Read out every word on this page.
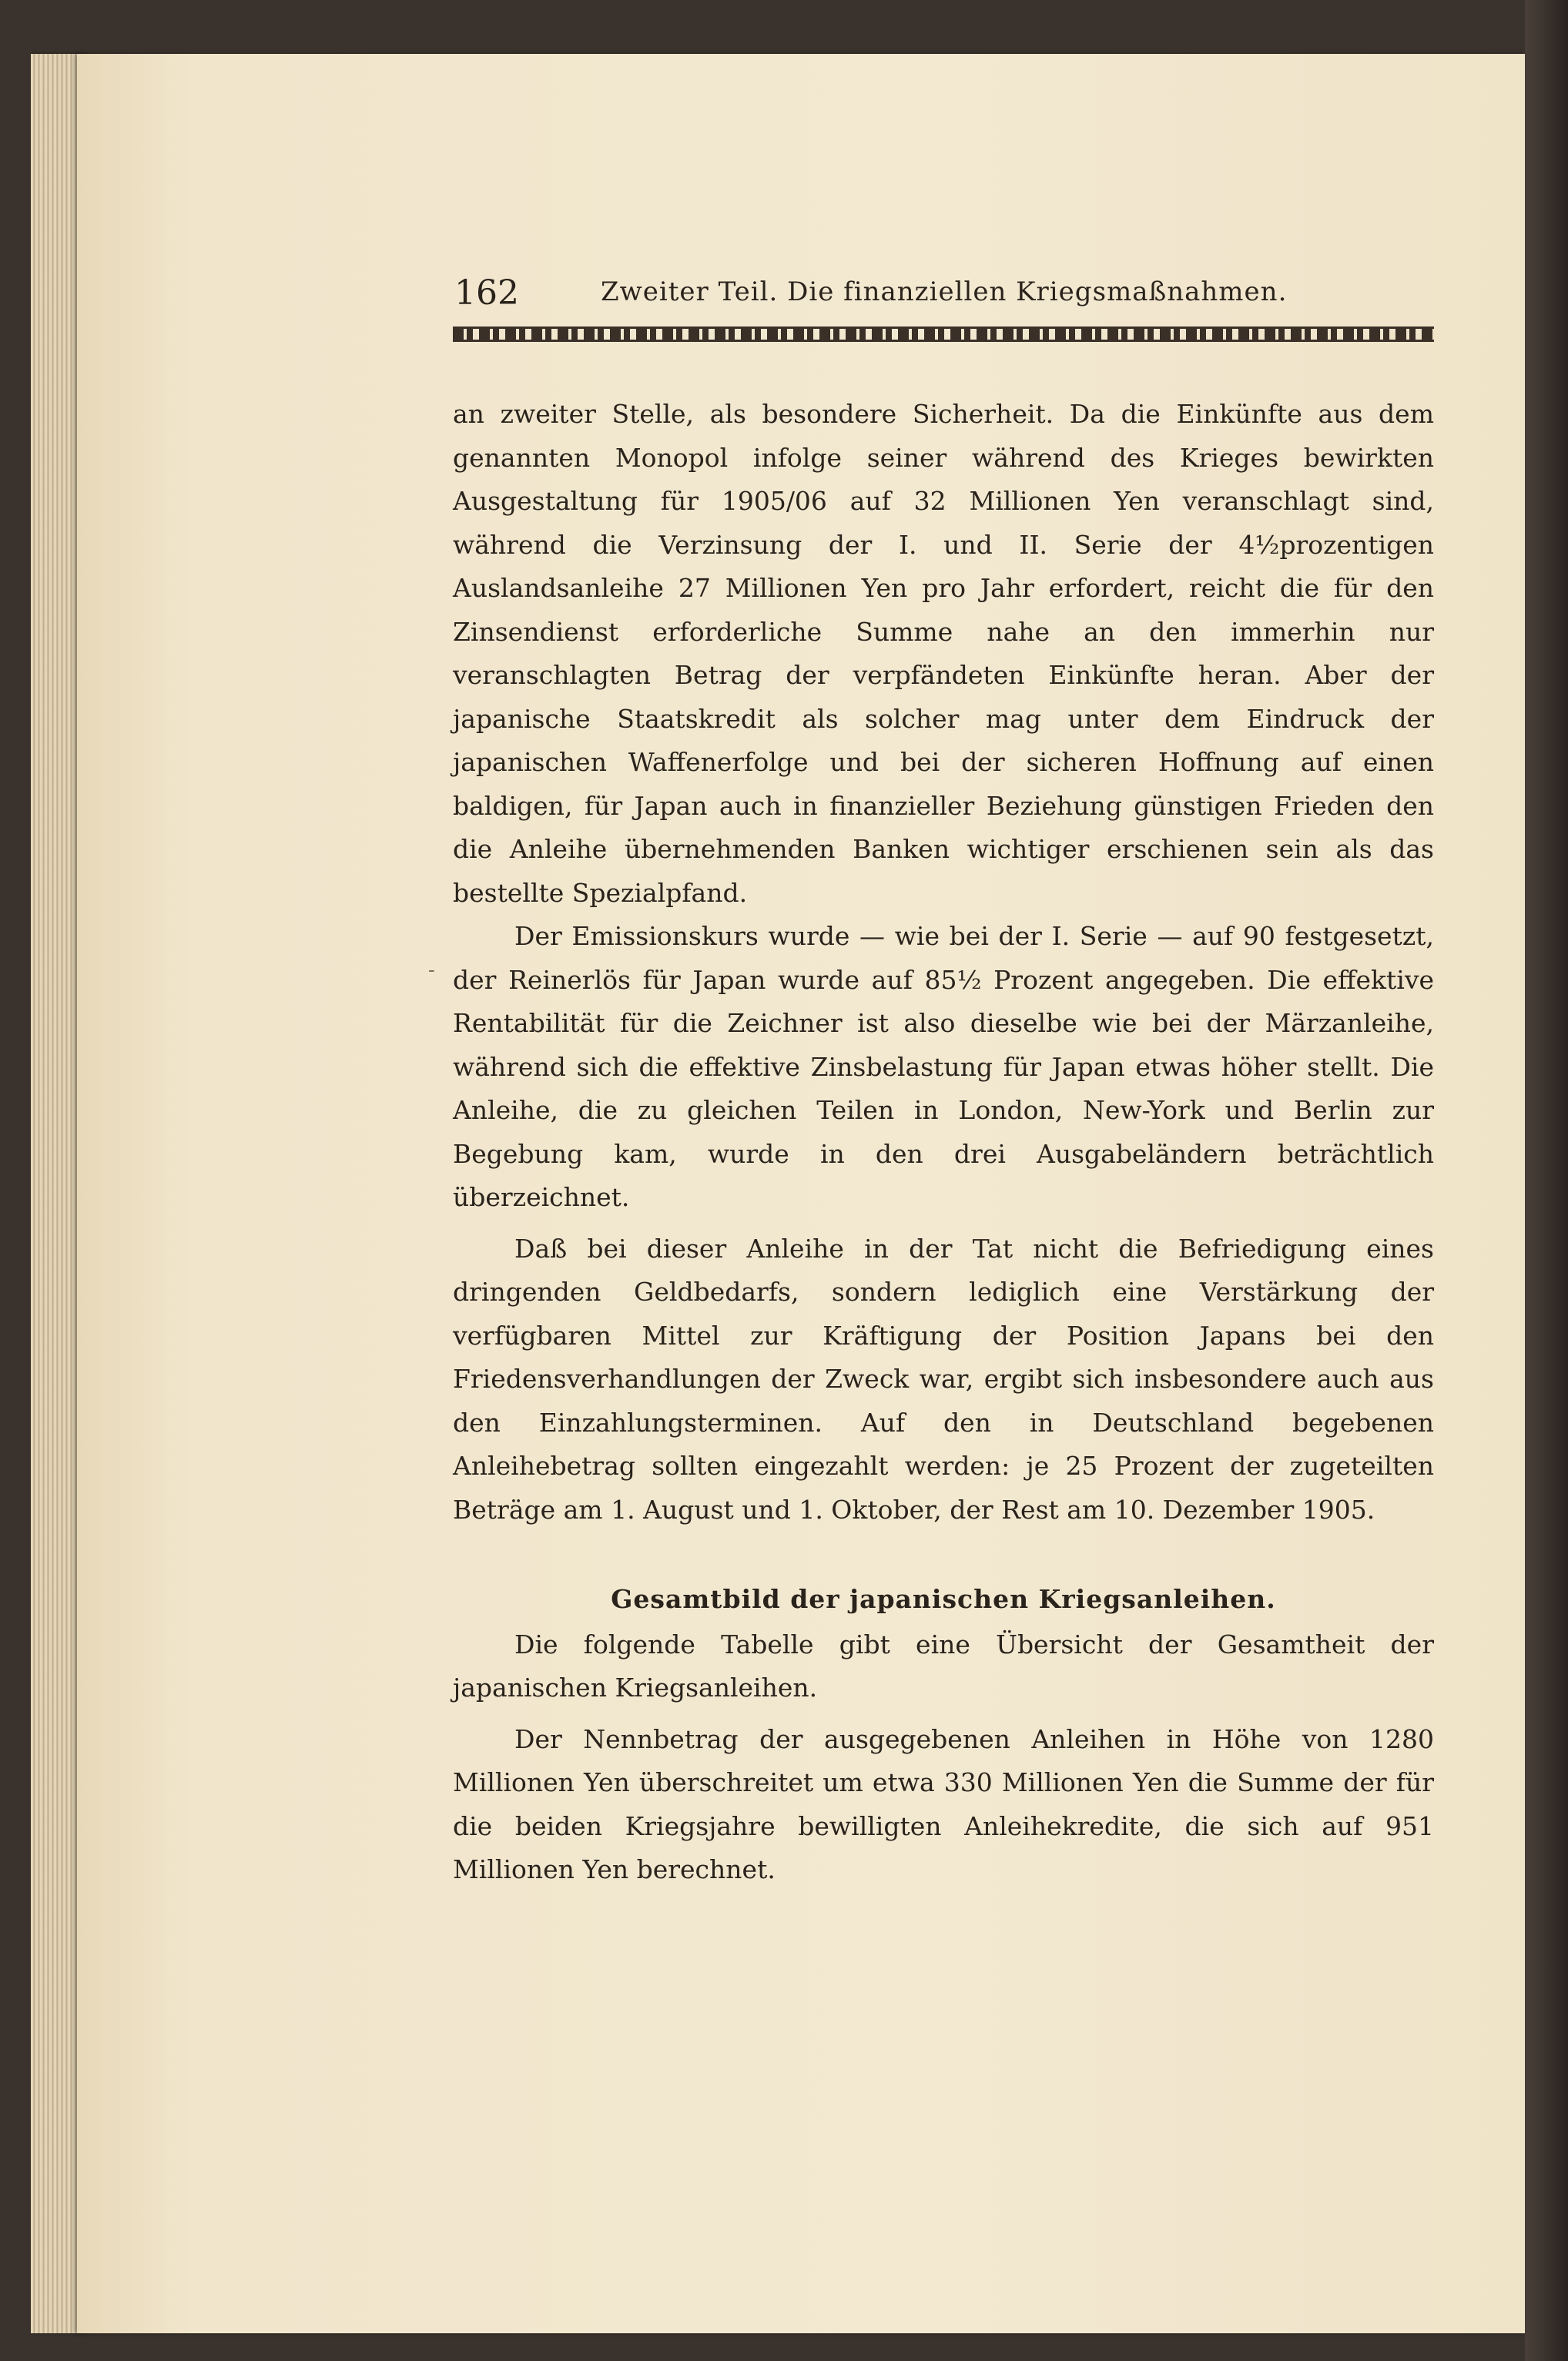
162	Zweiter Teil. Die finanziellen Kriegsmaßnahmen.
-

an zweiter Stelle, als besondere Sicherheit. Da die Einkünfte aus dem genannten Monopol infolge seiner während des Krieges bewirkten Ausgestaltung für 1905/06 auf 32 Millionen Yen veranschlagt sind, während die Verzinsung der I. und II. Serie der 4½prozentigen Auslandsanleihe 27 Millionen Yen pro Jahr erfordert, reicht die für den Zinsendienst erforderliche Summe nahe an den immerhin nur veranschlagten Betrag der verpfändeten Einkünfte heran. Aber der japanische Staatskredit als solcher mag unter dem Eindruck der japanischen Waffenerfolge und bei der sicheren Hoffnung auf einen baldigen, für Japan auch in finanzieller Beziehung günstigen Frieden den die Anleihe übernehmenden Banken wichtiger erschienen sein als das bestellte Spezialpfand.

Der Emissionskurs wurde — wie bei der I. Serie — auf 90 festgesetzt, der Reinerlös für Japan wurde auf 85½ Prozent angegeben. Die effektive Rentabilität für die Zeichner ist also dieselbe wie bei der Märzanleihe, während sich die effektive Zinsbelastung für Japan etwas höher stellt. Die Anleihe, die zu gleichen Teilen in London, New-York und Berlin zur Begebung kam, wurde in den drei Ausgabeländern beträchtlich überzeichnet.

Daß bei dieser Anleihe in der Tat nicht die Befriedigung eines dringenden Geldbedarfs, sondern lediglich eine Verstärkung der verfügbaren Mittel zur Kräftigung der Position Japans bei den Friedensverhandlungen der Zweck war, ergibt sich insbesondere auch aus den Einzahlungsterminen. Auf den in Deutschland begebenen Anleihebetrag sollten eingezahlt werden: je 25 Prozent der zugeteilten Beträge am 1. August und 1. Oktober, der Rest am 10. Dezember 1905.

Gesamtbild der japanischen Kriegsanleihen.

Die folgende Tabelle gibt eine Übersicht der Gesamtheit der japanischen Kriegsanleihen.

Der Nennbetrag der ausgegebenen Anleihen in Höhe von 1280 Millionen Yen überschreitet um etwa 330 Millionen Yen die Summe der für die beiden Kriegsjahre bewilligten Anleihekredite, die sich auf 951 Millionen Yen berechnet.
